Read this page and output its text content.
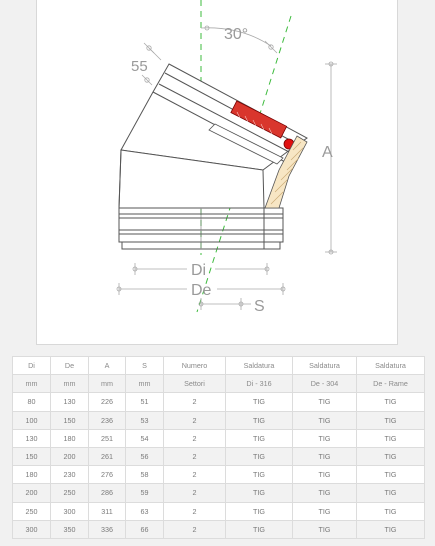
30°
55
A
Di
De
S
Di	De	A	S	Numero	Saldatura	Saldatura	Saldatura
mm	mm	mm	mm	Settori	Di - 316	De - 304	De - Rame
80	130	226	51	2	TIG	TIG	TIG
100	150	236	53	2	TIG	TIG	TIG
130	180	251	54	2	TIG	TIG	TIG
150	200	261	56	2	TIG	TIG	TIG
180	230	276	58	2	TIG	TIG	TIG
200	250	286	59	2	TIG	TIG	TIG
250	300	311	63	2	TIG	TIG	TIG
300	350	336	66	2	TIG	TIG	TIG
